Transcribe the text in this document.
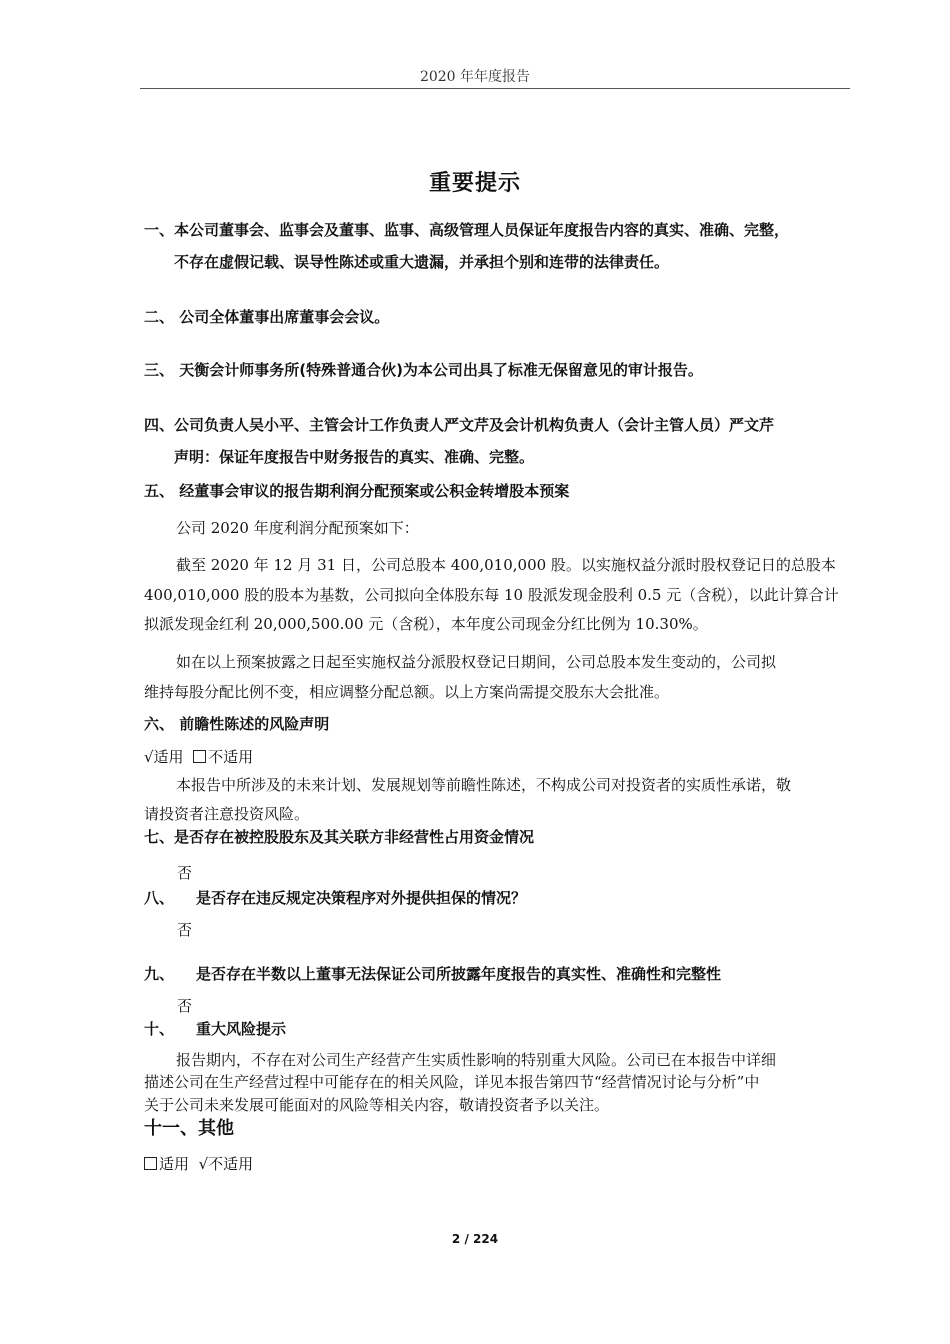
2020 年年度报告
重要提示
一、本公司董事会、监事会及董事、监事、高级管理人员保证年度报告内容的真实、准确、完整，
不存在虚假记载、误导性陈述或重大遗漏，并承担个别和连带的法律责任。
二、 公司全体董事出席董事会会议。
三、 天衡会计师事务所(特殊普通合伙)为本公司出具了标准无保留意见的审计报告。
四、公司负责人吴小平、主管会计工作负责人严文芹及会计机构负责人（会计主管人员）严文芹
声明：保证年度报告中财务报告的真实、准确、完整。
五、 经董事会审议的报告期利润分配预案或公积金转增股本预案
公司 2020 年度利润分配预案如下：
截至 2020 年 12 月 31 日，公司总股本 400,010,000 股。以实施权益分派时股权登记日的总股本
400,010,000 股的股本为基数，公司拟向全体股东每 10 股派发现金股利 0.5 元（含税），以此计算合计
拟派发现金红利 20,000,500.00 元（含税），本年度公司现金分红比例为 10.30%。
如在以上预案披露之日起至实施权益分派股权登记日期间，公司总股本发生变动的，公司拟
维持每股分配比例不变，相应调整分配总额。以上方案尚需提交股东大会批准。
六、 前瞻性陈述的风险声明
√适用 不适用
本报告中所涉及的未来计划、发展规划等前瞻性陈述，不构成公司对投资者的实质性承诺，敬
请投资者注意投资风险。
七、是否存在被控股股东及其关联方非经营性占用资金情况
否
八、 是否存在违反规定决策程序对外提供担保的情况？
否
九、 是否存在半数以上董事无法保证公司所披露年度报告的真实性、准确性和完整性
否
十、 重大风险提示
报告期内，不存在对公司生产经营产生实质性影响的特别重大风险。公司已在本报告中详细
描述公司在生产经营过程中可能存在的相关风险，详见本报告第四节“经营情况讨论与分析”中
关于公司未来发展可能面对的风险等相关内容，敬请投资者予以关注。
十一、其他
适用 √不适用
2 / 224
